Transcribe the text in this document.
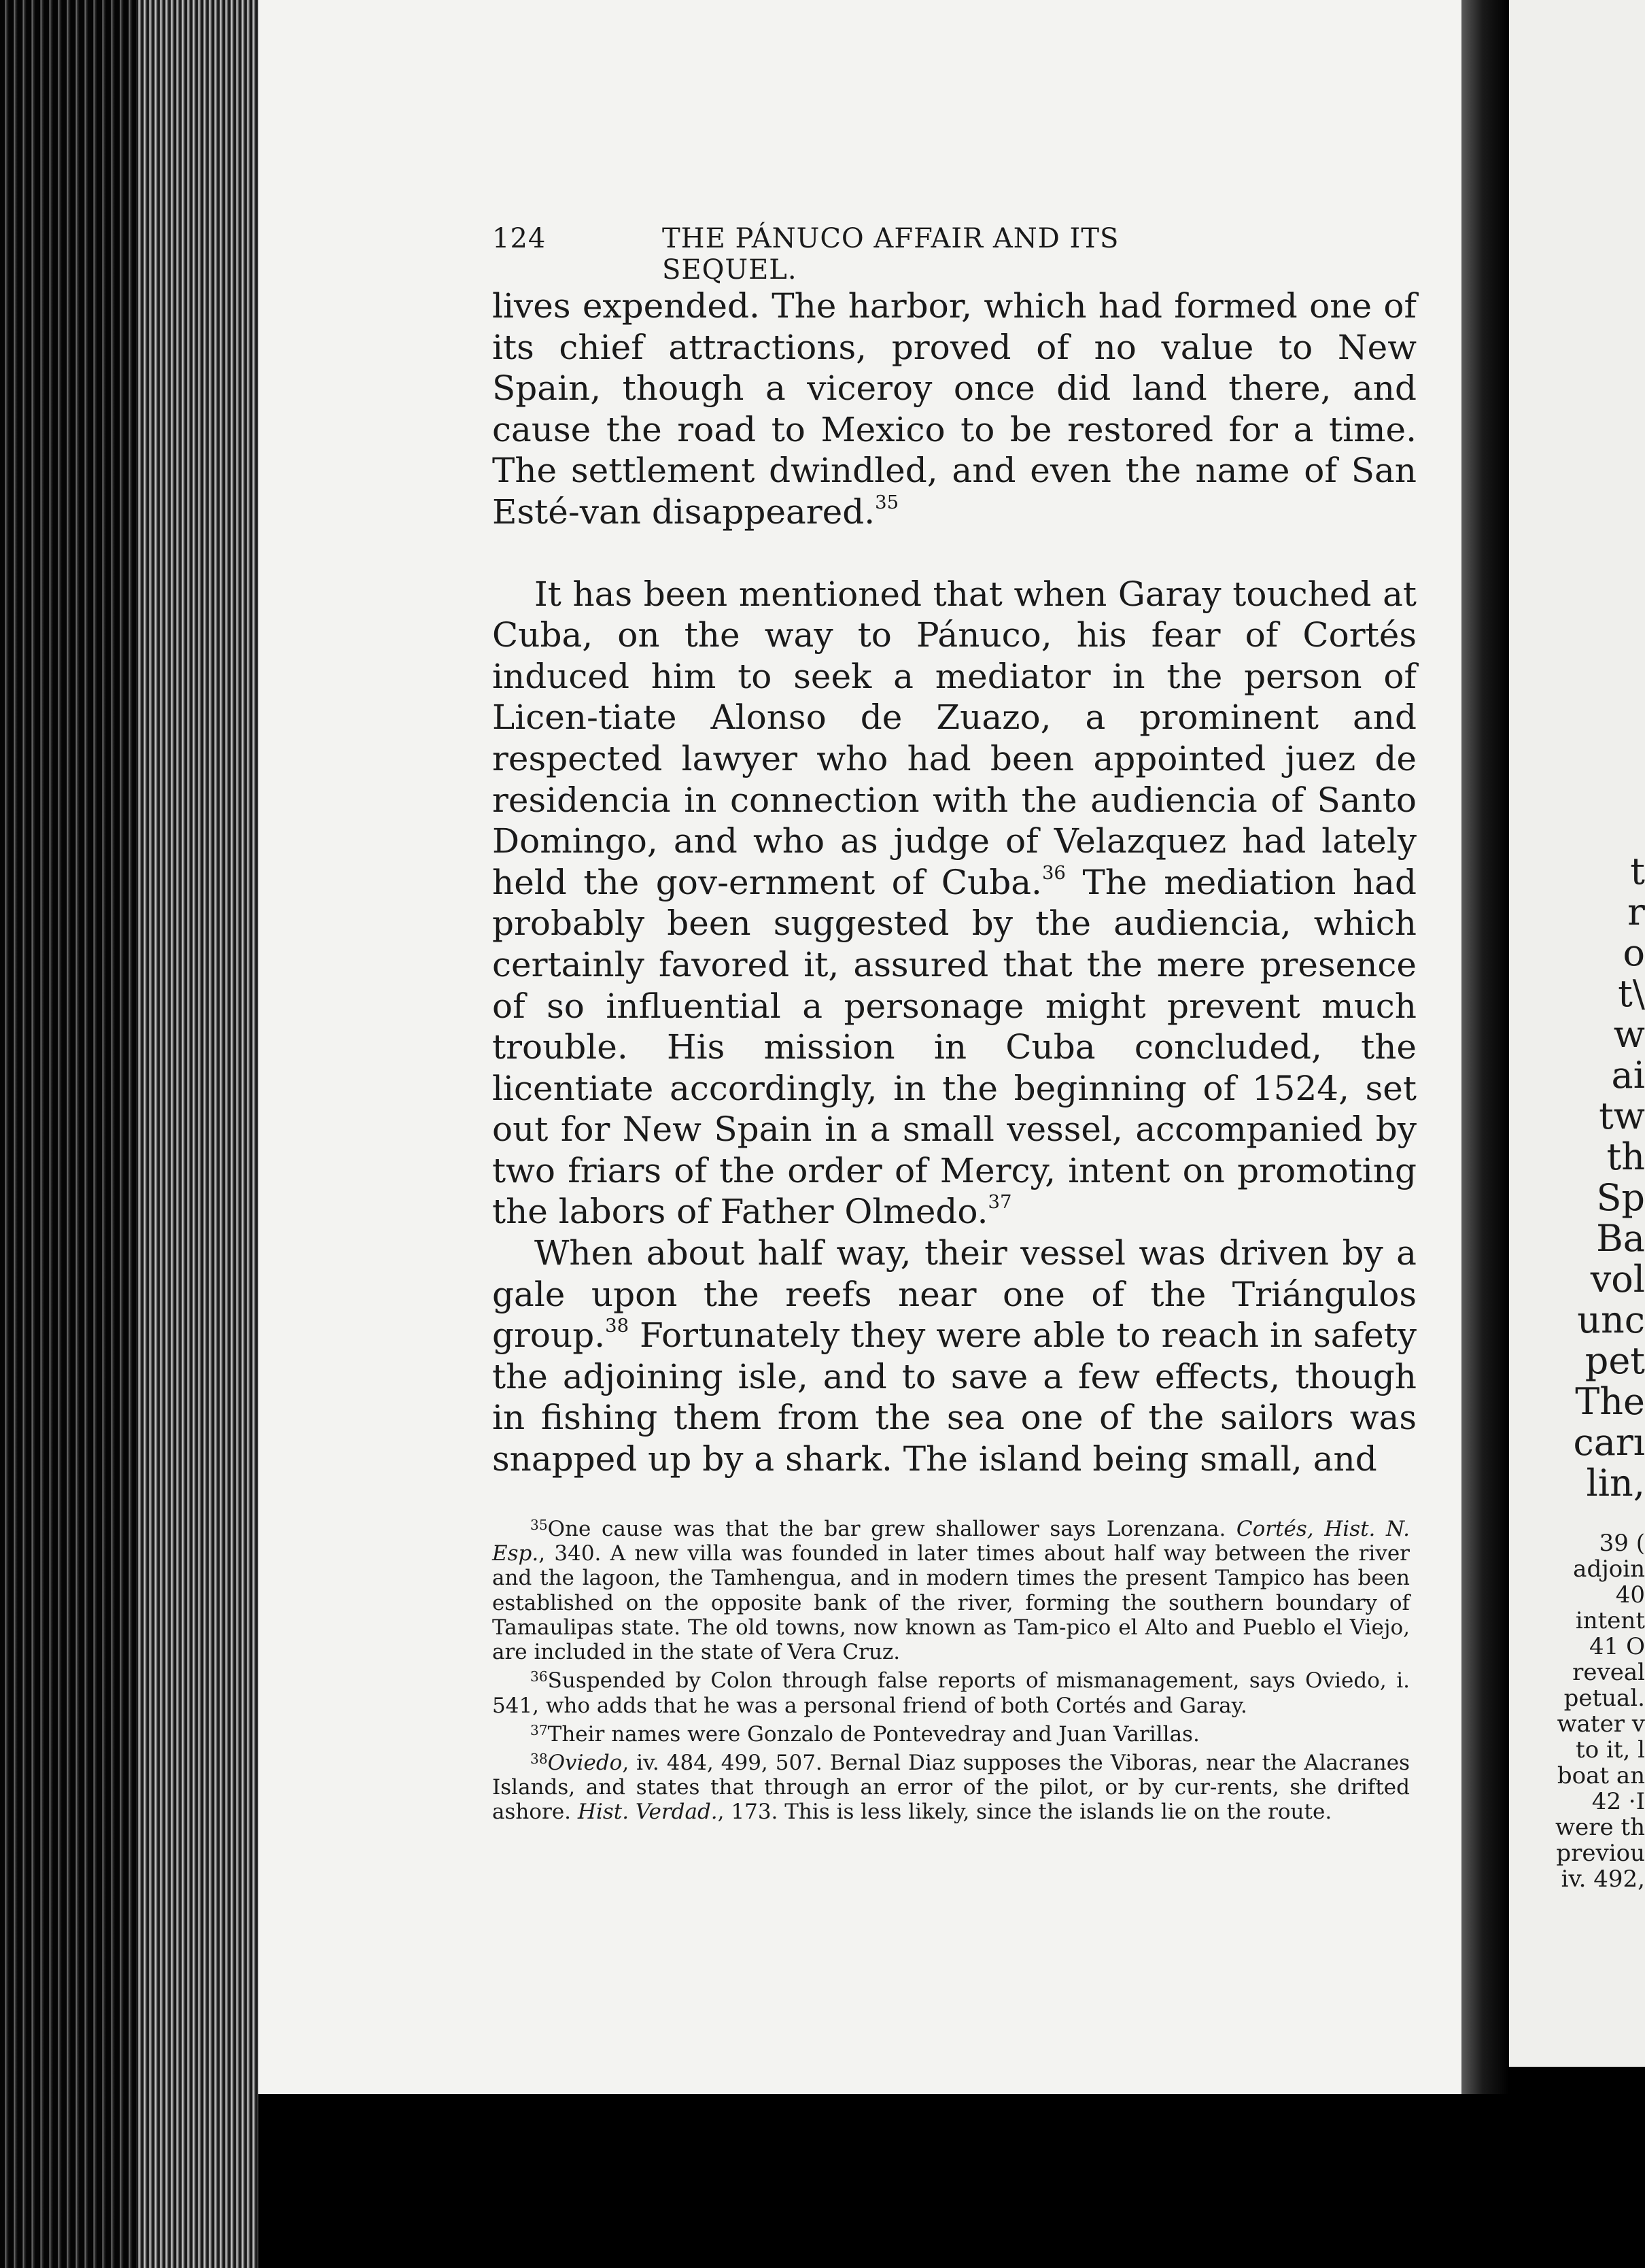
t
r
o
t\
w
ai
tw
th
Sp
Ba
vol
unc
pet
The
carı
lin,
39 (
adjoin
40
intent
41 O
reveal
petual.
water v
to it, l
boat an
42 ·I
were th
previou
iv. 492,
124	THE PÁNUCO AFFAIR AND ITS SEQUEL.

lives expended. The harbor, which had formed one of its chief attractions, proved of no value to New Spain, though a viceroy once did land there, and cause the road to Mexico to be restored for a time. The settlement dwindled, and even the name of San Esté-van disappeared.$^{35}$

It has been mentioned that when Garay touched at Cuba, on the way to Pánuco, his fear of Cortés induced him to seek a mediator in the person of Licen-tiate Alonso de Zuazo, a prominent and respected lawyer who had been appointed juez de residencia in connection with the audiencia of Santo Domingo, and who as judge of Velazquez had lately held the gov-ernment of Cuba.$^{36}$ The mediation had probably been suggested by the audiencia, which certainly favored it, assured that the mere presence of so influential a personage might prevent much trouble. His mission in Cuba concluded, the licentiate accordingly, in the beginning of 1524, set out for New Spain in a small vessel, accompanied by two friars of the order of Mercy, intent on promoting the labors of Father Olmedo.$^{37}$

When about half way, their vessel was driven by a gale upon the reefs near one of the Triángulos group.$^{38}$ Fortunately they were able to reach in safety the adjoining isle, and to save a few effects, though in fishing them from the sea one of the sailors was snapped up by a shark. The island being small, and

$^{35}$One cause was that the bar grew shallower says Lorenzana. Cortés, Hist. N. Esp., 340. A new villa was founded in later times about half way between the river and the lagoon, the Tamhengua, and in modern times the present Tampico has been established on the opposite bank of the river, forming the southern boundary of Tamaulipas state. The old towns, now known as Tam-pico el Alto and Pueblo el Viejo, are included in the state of Vera Cruz.

$^{36}$Suspended by Colon through false reports of mismanagement, says Oviedo, i. 541, who adds that he was a personal friend of both Cortés and Garay.

$^{37}$Their names were Gonzalo de Pontevedray and Juan Varillas.

$^{38}$Oviedo, iv. 484, 499, 507. Bernal Diaz supposes the Viboras, near the Alacranes Islands, and states that through an error of the pilot, or by cur-rents, she drifted ashore. Hist. Verdad., 173. This is less likely, since the islands lie on the route.
